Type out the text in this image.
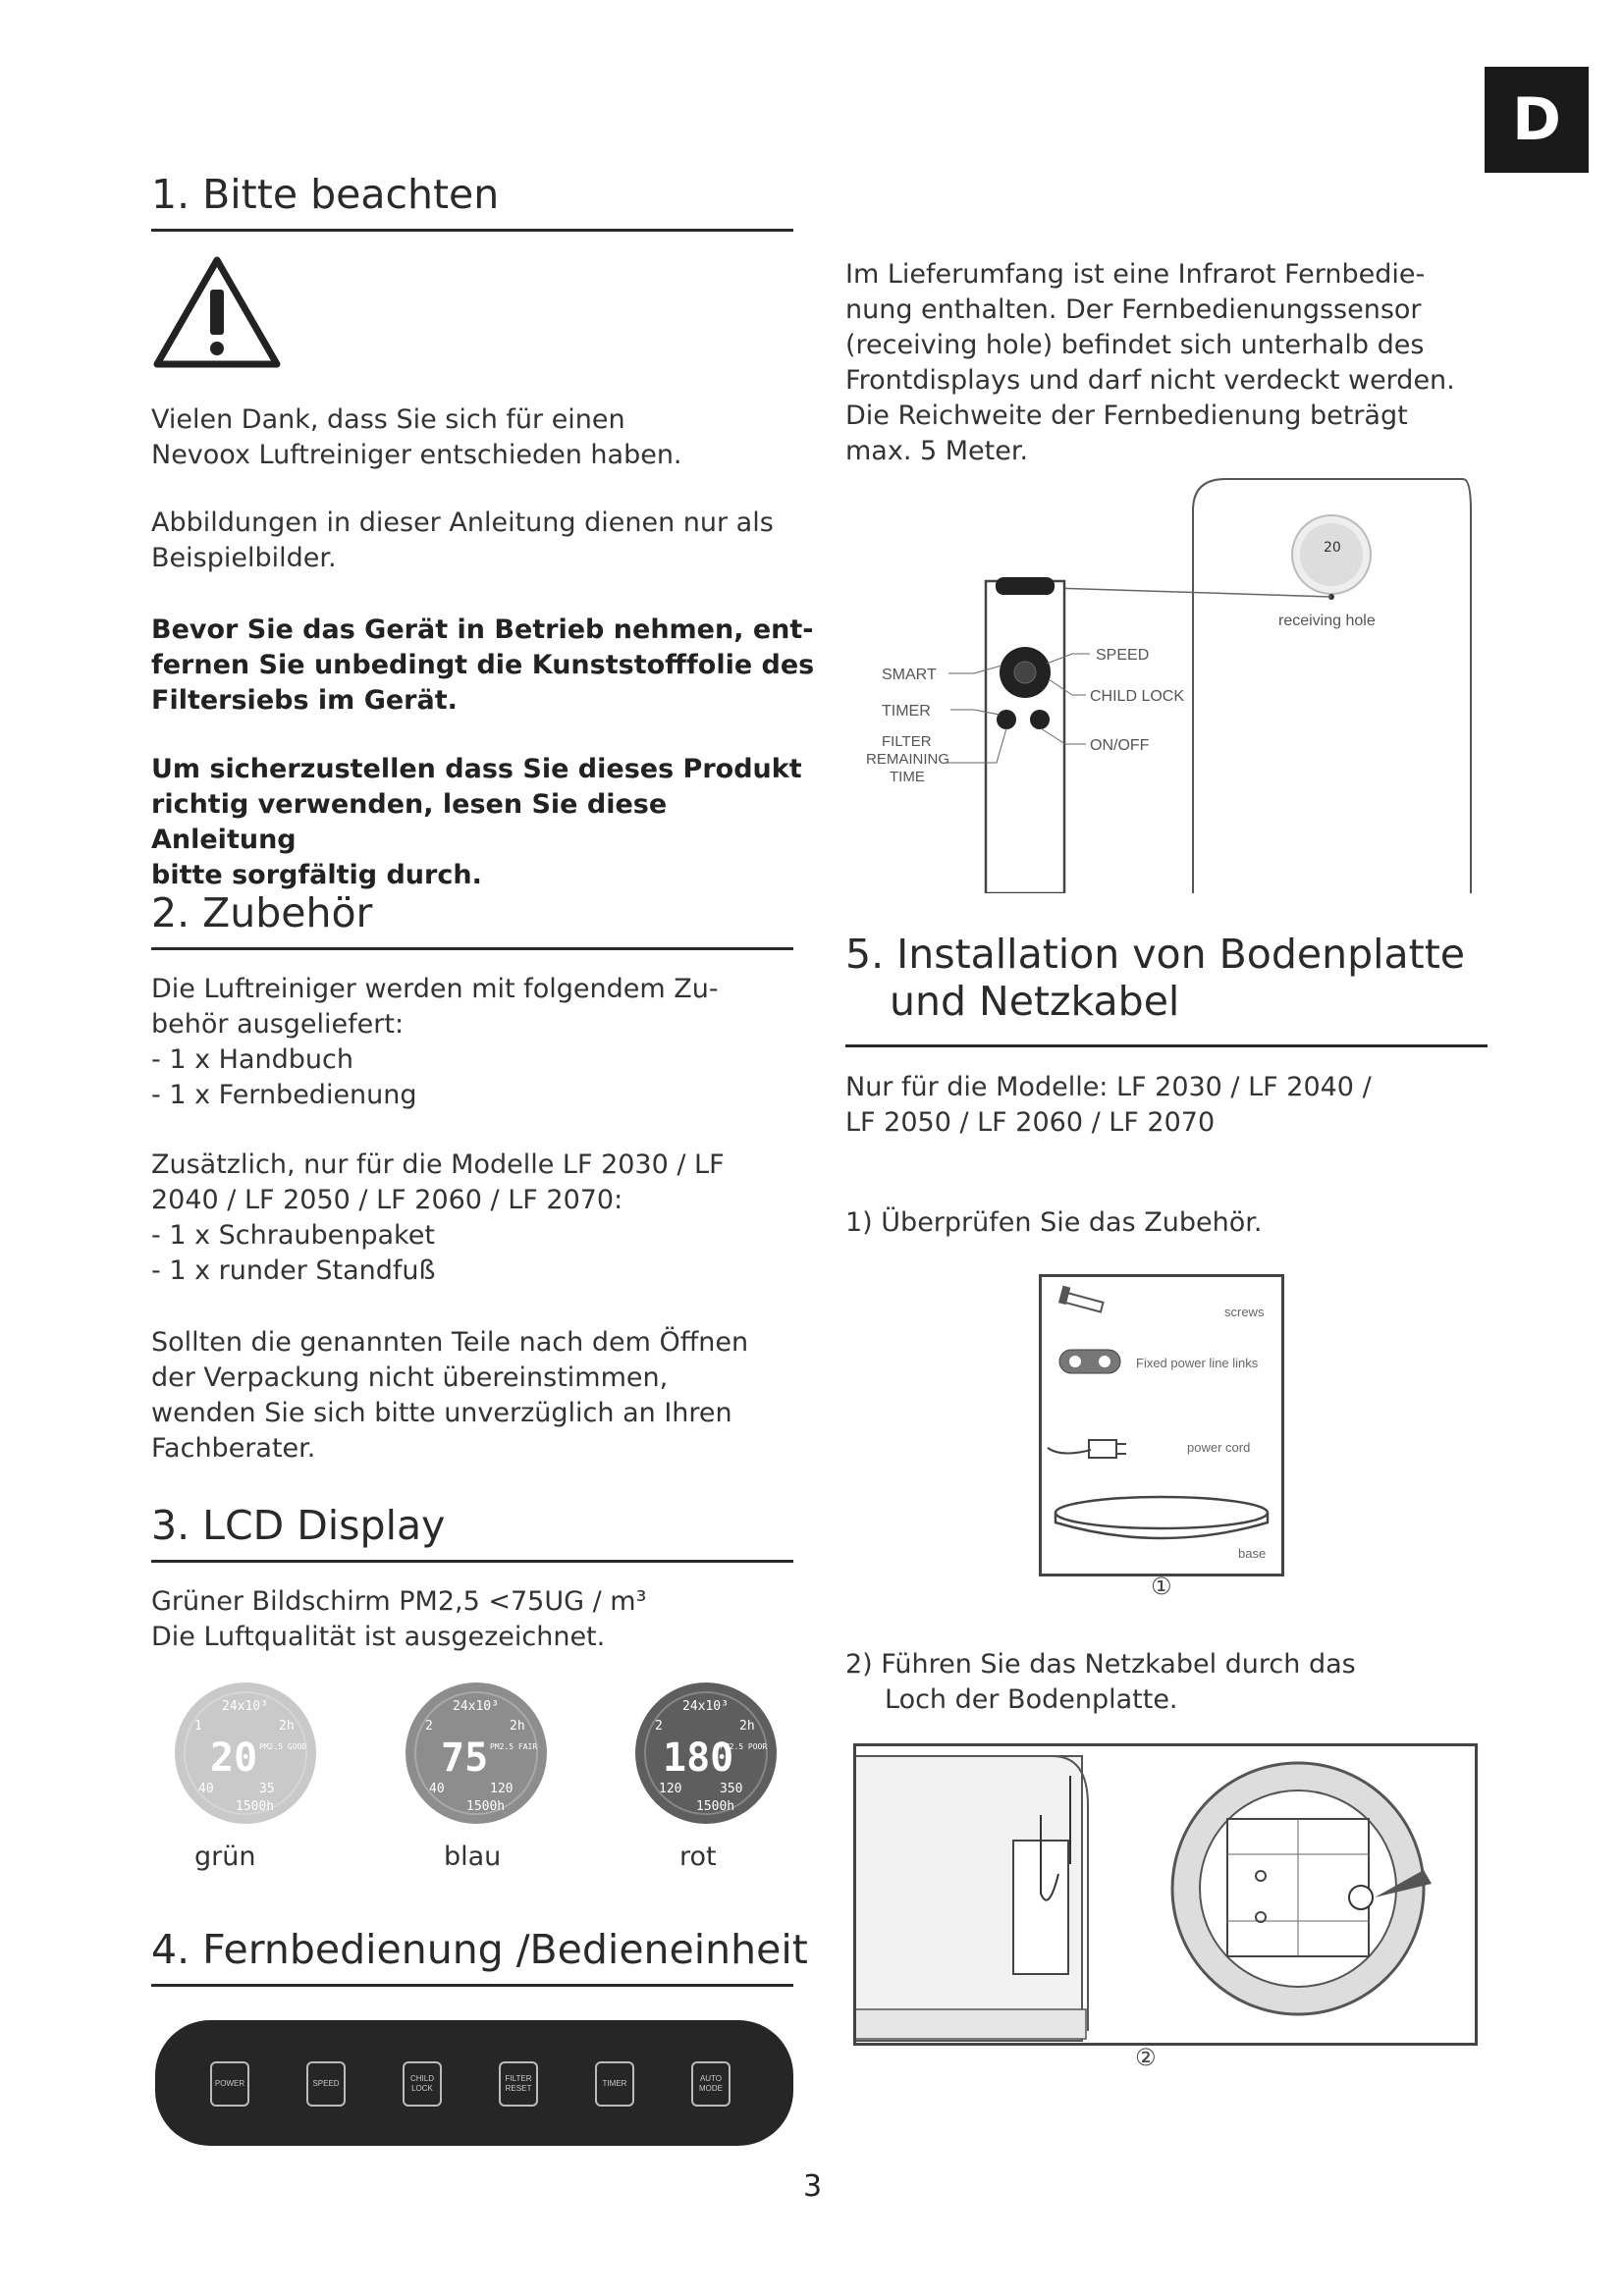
D
1. Bitte beachten

Vielen Dank, dass Sie sich für einen

Nevoox Luftreiniger entschieden haben.

Abbildungen in dieser Anleitung dienen nur als

Beispielbilder.

Bevor Sie das Gerät in Betrieb nehmen, ent-

fernen Sie unbedingt die Kunststofffolie des

Filtersiebs im Gerät.

Um sicherzustellen dass Sie dieses Produkt

richtig verwenden, lesen Sie diese Anleitung

bitte sorgfältig durch.

2. Zubehör

Die Luftreiniger werden mit folgendem Zu-

behör ausgeliefert:

- 1 x Handbuch

- 1 x Fernbedienung

Zusätzlich, nur für die Modelle LF 2030 / LF

2040 / LF 2050 / LF 2060 / LF 2070:

- 1 x Schraubenpaket

- 1 x runder Standfuß

Sollten die genannten Teile nach dem Öffnen

der Verpackung nicht übereinstimmen,

wenden Sie sich bitte unverzüglich an Ihren

Fachberater.

3. LCD Display

Grüner Bildschirm PM2,5 <75UG / m³

Die Luftqualität ist ausgezeichnet.

24x10³
1	2h
20 PM2.5 GOOD
40	35
1500h
24x10³
2	2h
75 PM2.5 FAIR
40	120
1500h
24x10³
2	2h
180
PM2.5 POOR
120	350
1500h
grün	blau	rot
4. Fernbedienung /Bedieneinheit
POWER	SPEED
CHILD LOCK
FILTER RESET
TIMER
AUTO MODE

Im Lieferumfang ist eine Infrarot Fernbedie-

nung enthalten. Der Fernbedienungssensor

(receiving hole) befindet sich unterhalb des

Frontdisplays und darf nicht verdeckt werden.

Die Reichweite der Fernbedienung beträgt

max. 5 Meter.

20
receiving hole
SMART
TIMER
FILTER
REMAINING
TIME
SPEED
CHILD LOCK
ON/OFF
5. Installation von Bodenplatte
und Netzkabel

Nur für die Modelle: LF 2030 / LF 2040 /

LF 2050 / LF 2060 / LF 2070

1) Überprüfen Sie das Zubehör.

screws
Fixed power line links
power cord
base
①

2) Führen Sie das Netzkabel durch das

Loch der Bodenplatte.

②
3
